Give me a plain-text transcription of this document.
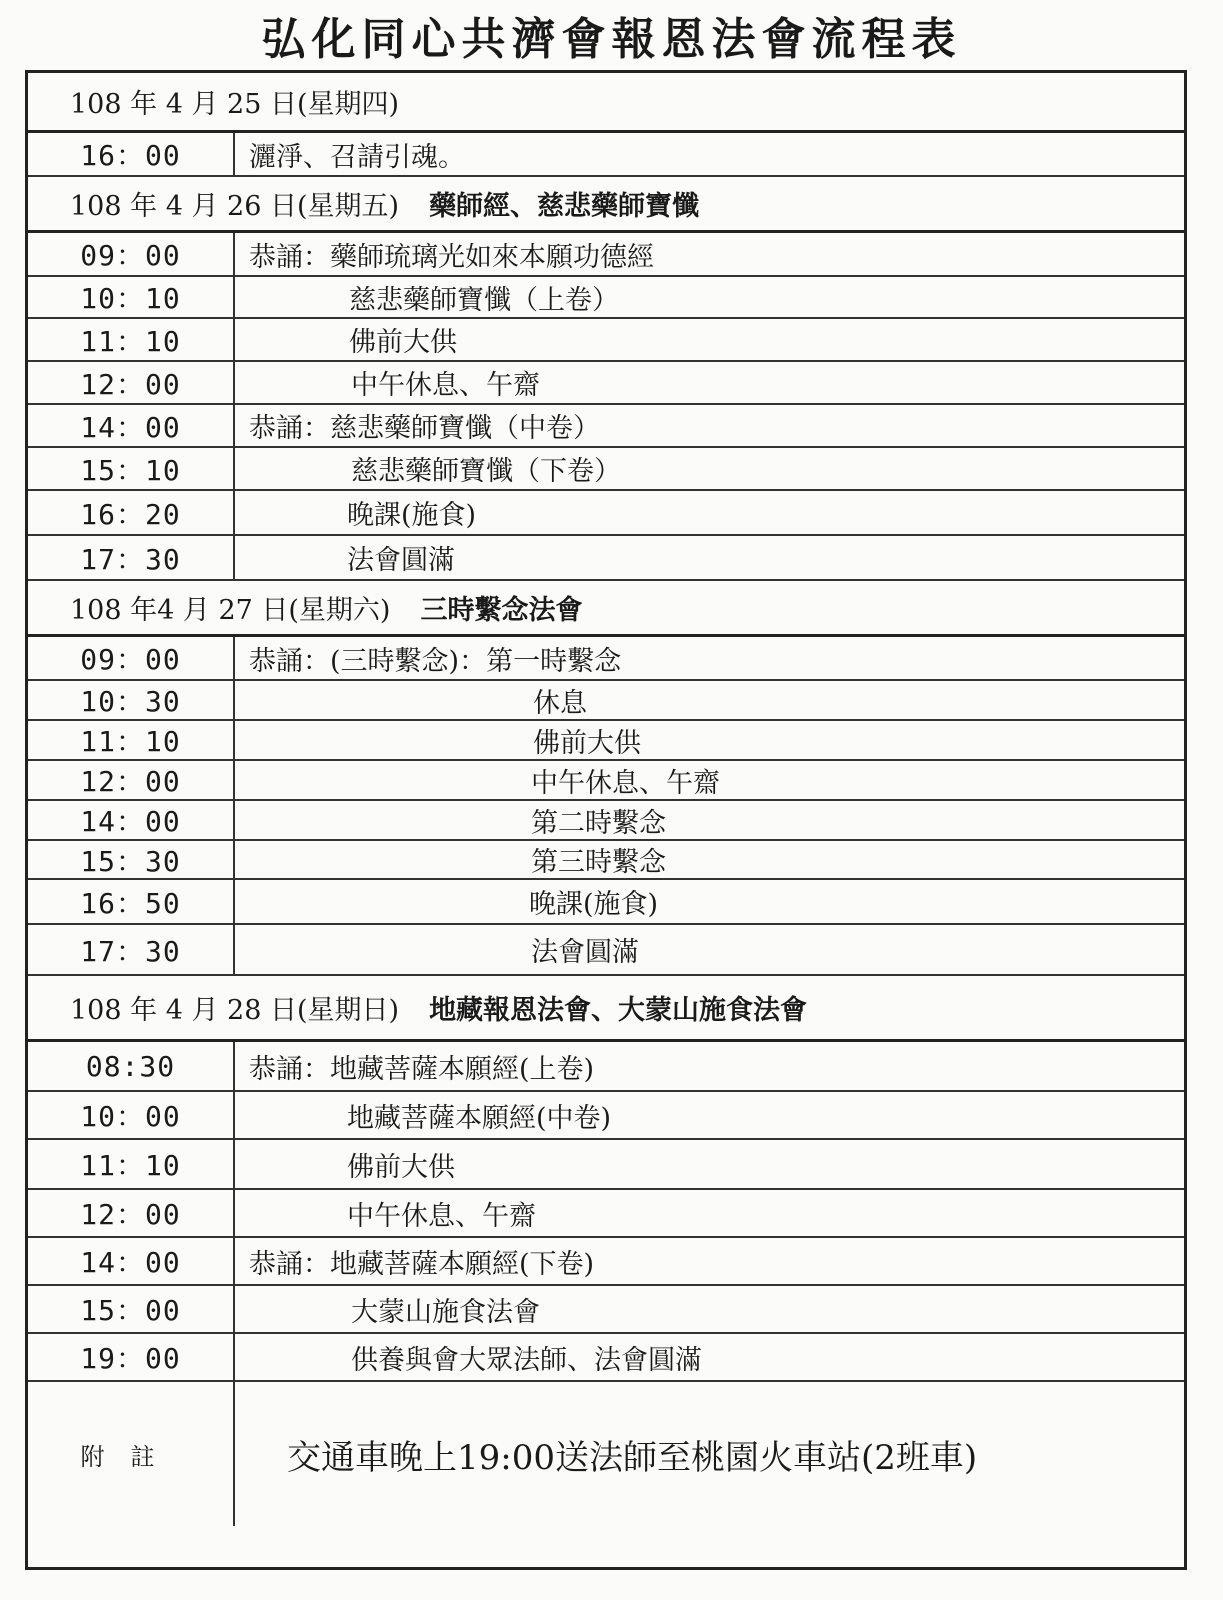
弘化同心共濟會報恩法會流程表
108 年 4 月 25 日(星期四)
16：00	灑淨、召請引魂。
108 年 4 月 26 日(星期五) 藥師經、慈悲藥師寶懺
09：00	恭誦：藥師琉璃光如來本願功德經
10：10	慈悲藥師寶懺（上卷）
11：10	佛前大供
12：00	中午休息、午齋
14：00	恭誦：慈悲藥師寶懺（中卷）
15：10	慈悲藥師寶懺（下卷）
16：20	晚課(施食)
17：30	法會圓滿
108 年4 月 27 日(星期六) 三時繫念法會
09：00	恭誦：(三時繫念)：第一時繫念
10：30	休息
11：10	佛前大供
12：00	中午休息、午齋
14：00	第二時繫念
15：30	第三時繫念
16：50	晚課(施食)
17：30	法會圓滿
108 年 4 月 28 日(星期日) 地藏報恩法會、大蒙山施食法會
08:30	恭誦：地藏菩薩本願經(上卷)
10：00	地藏菩薩本願經(中卷)
11：10	佛前大供
12：00	中午休息、午齋
14：00	恭誦：地藏菩薩本願經(下卷)
15：00	大蒙山施食法會
19：00	供養與會大眾法師、法會圓滿
附註	交通車晚上19:00送法師至桃園火車站(2班車)
